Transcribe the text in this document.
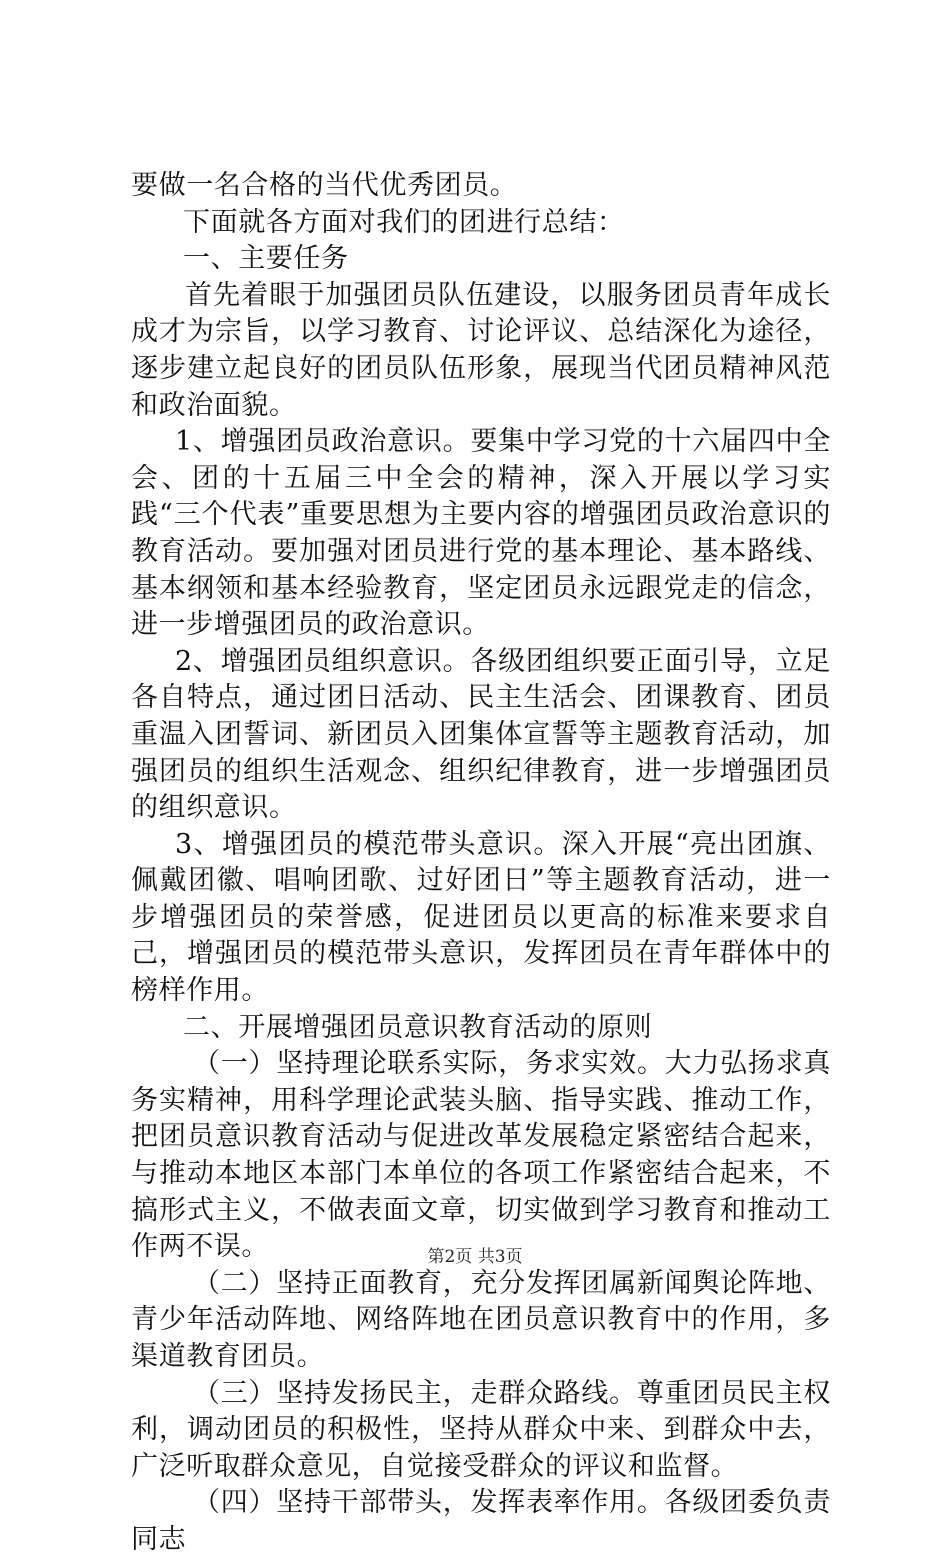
要做一名合格的当代优秀团员。

下面就各方面对我们的团进行总结：

一、主要任务

首先着眼于加强团员队伍建设，以服务团员青年成长成才为宗旨，以学习教育、讨论评议、总结深化为途径，逐步建立起良好的团员队伍形象，展现当代团员精神风范和政治面貌。

1、增强团员政治意识。要集中学习党的十六届四中全会、团的十五届三中全会的精神，深入开展以学习实践“三个代表”重要思想为主要内容的增强团员政治意识的教育活动。要加强对团员进行党的基本理论、基本路线、基本纲领和基本经验教育，坚定团员永远跟党走的信念，进一步增强团员的政治意识。

2、增强团员组织意识。各级团组织要正面引导，立足各自特点，通过团日活动、民主生活会、团课教育、团员重温入团誓词、新团员入团集体宣誓等主题教育活动，加强团员的组织生活观念、组织纪律教育，进一步增强团员的组织意识。

3、增强团员的模范带头意识。深入开展“亮出团旗、佩戴团徽、唱响团歌、过好团日”等主题教育活动，进一步增强团员的荣誉感，促进团员以更高的标准来要求自己，增强团员的模范带头意识，发挥团员在青年群体中的榜样作用。

二、开展增强团员意识教育活动的原则

（一）坚持理论联系实际，务求实效。大力弘扬求真务实精神，用科学理论武装头脑、指导实践、推动工作，把团员意识教育活动与促进改革发展稳定紧密结合起来，与推动本地区本部门本单位的各项工作紧密结合起来，不搞形式主义，不做表面文章，切实做到学习教育和推动工作两不误。

（二）坚持正面教育，充分发挥团属新闻舆论阵地、青少年活动阵地、网络阵地在团员意识教育中的作用，多渠道教育团员。

（三）坚持发扬民主，走群众路线。尊重团员民主权利，调动团员的积极性，坚持从群众中来、到群众中去，广泛听取群众意见，自觉接受群众的评议和监督。

（四）坚持干部带头，发挥表率作用。各级团委负责同志

第2页 共3页
